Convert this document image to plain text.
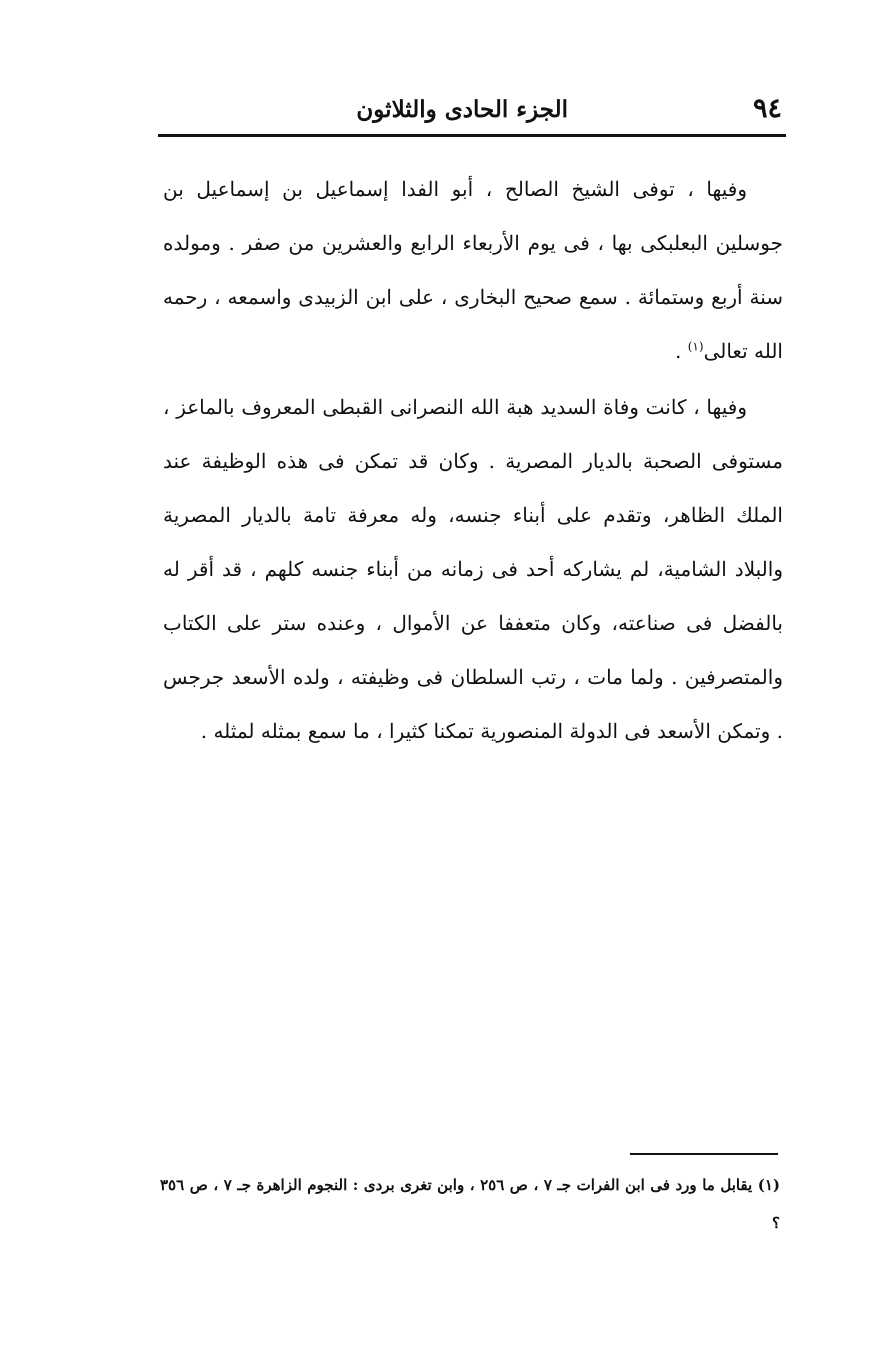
٩٤
الجزء الحادى والثلاثون

وفيها ، توفى الشيخ الصالح ، أبو الفدا إسماعيل بن إسماعيل بن جوسلين البعلبكى بها ، فى يوم الأربعاء الرابع والعشرين من صفر . ومولده سنة أربع وستمائة . سمع صحيح البخارى ، على ابن الزبيدى واسمعه ، رحمه الله تعالى$^{(١)}$ .

وفيها ، كانت وفاة السديد هبة الله النصرانى القبطى المعروف بالماعز ، مستوفى الصحبة بالديار المصرية . وكان قد تمكن فى هذه الوظيفة عند الملك الظاهر، وتقدم على أبناء جنسه، وله معرفة تامة بالديار المصرية والبلاد الشامية، لم يشاركه أحد فى زمانه من أبناء جنسه كلهم ، قد أقر له بالفضل فى صناعته، وكان متعففا عن الأموال ، وعنده ستر على الكتاب والمتصرفين . ولما مات ، رتب السلطان فى وظيفته ، ولده الأسعد جرجس . وتمكن الأسعد فى الدولة المنصورية تمكنا كثيرا ، ما سمع بمثله لمثله .

(١) يقابل ما ورد فى ابن الفرات جـ ٧ ، ص ٢٥٦ ، وابن تغرى بردى : النجوم الزاهرة جـ ٧ ، ص ٣٥٦ ؟
